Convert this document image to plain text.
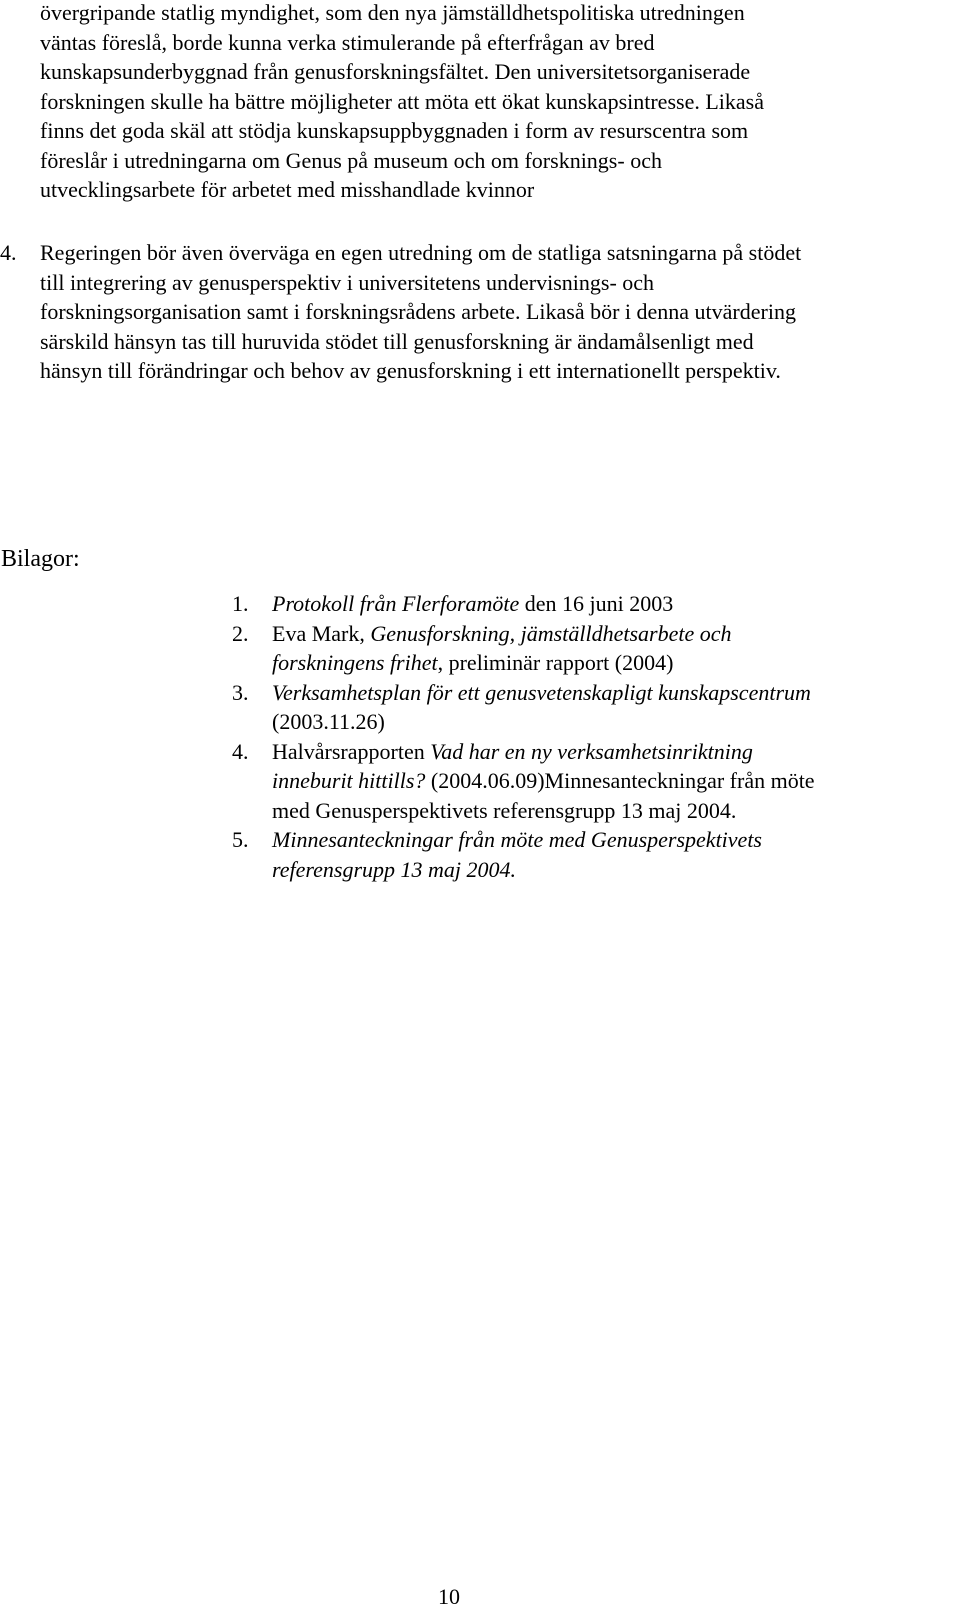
övergripande statlig myndighet, som den nya jämställdhetspolitiska utredningen
väntas föreslå, borde kunna verka stimulerande på efterfrågan av bred
kunskapsunderbyggnad från genusforskningsfältet. Den universitetsorganiserade
forskningen skulle ha bättre möjligheter att möta ett ökat kunskapsintresse. Likaså
finns det goda skäl att stödja kunskapsuppbyggnaden i form av resurscentra som
föreslår i utredningarna om Genus på museum och om forsknings- och
utvecklingsarbete för arbetet med misshandlade kvinnor
4. Regeringen bör även överväga en egen utredning om de statliga satsningarna på stödet
till integrering av genusperspektiv i universitetens undervisnings- och
forskningsorganisation samt i forskningsrådens arbete. Likaså bör i denna utvärdering
särskild hänsyn tas till huruvida stödet till genusforskning är ändamålsenligt med
hänsyn till förändringar och behov av genusforskning i ett internationellt perspektiv.

Bilagor:

1. Protokoll från Flerforamöte den 16 juni 2003
2. Eva Mark, Genusforskning, jämställdhetsarbete och
forskningens frihet, preliminär rapport (2004)
3. Verksamhetsplan för ett genusvetenskapligt kunskapscentrum
(2003.11.26)
4. Halvårsrapporten Vad har en ny verksamhetsinriktning
inneburit hittills? (2004.06.09)Minnesanteckningar från möte
med Genusperspektivets referensgrupp 13 maj 2004.
5. Minnesanteckningar från möte med Genusperspektivets
referensgrupp 13 maj 2004.

10
